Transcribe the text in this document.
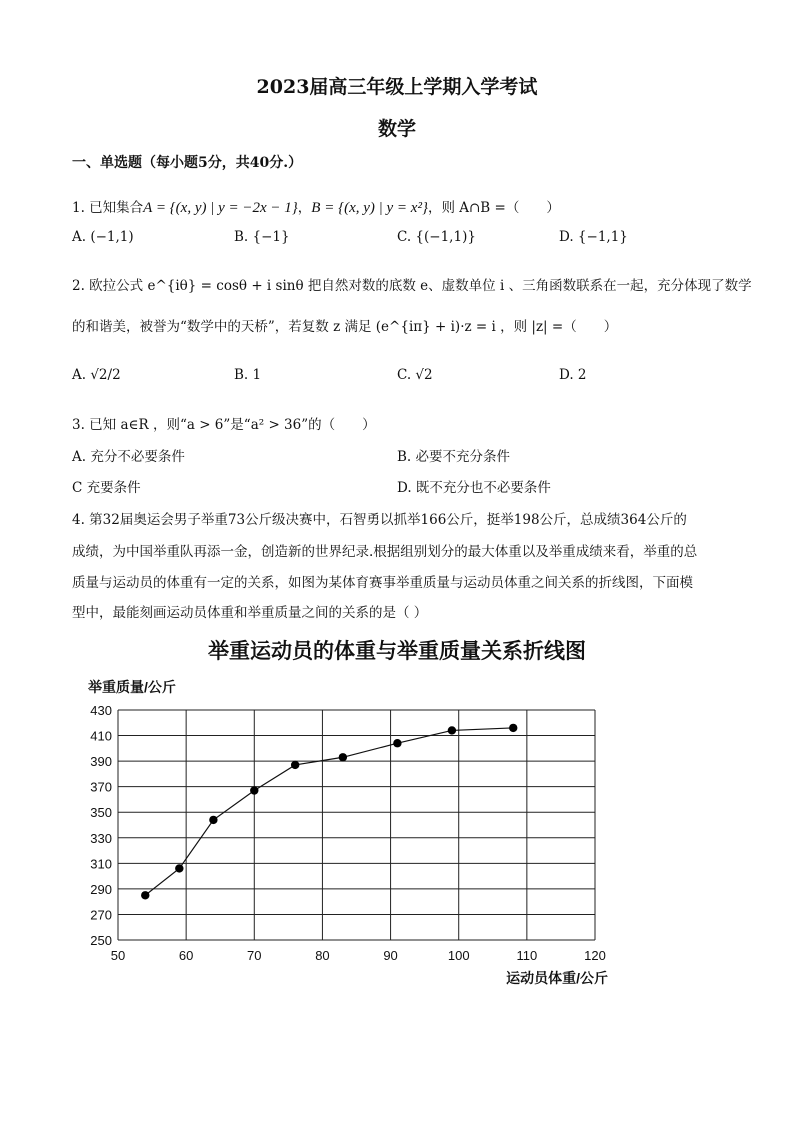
2023届高三年级上学期入学考试
数学
一、单选题（每小题5分，共40分.）
1. 已知集合A = {(x, y) | y = −2x − 1}，B = {(x, y) | y = x²}，则 A∩B =（　　）
A. (−1,1)	B. {−1}	C. {(−1,1)}	D. {−1,1}
2. 欧拉公式 e^{iθ} = cosθ + i sinθ 把自然对数的底数 e、虚数单位 i 、三角函数联系在一起，充分体现了数学
的和谐美，被誉为“数学中的天桥”，若复数 z 满足 (e^{iπ} + i)·z = i ，则 |z| =（　　）
A. √2/2	B. 1	C. √2	D. 2
3. 已知 a∈R ，则“a > 6”是“a² > 36”的（　　）
A. 充分不必要条件	B. 必要不充分条件
C 充要条件	D. 既不充分也不必要条件
4. 第32届奥运会男子举重73公斤级决赛中，石智勇以抓举166公斤，挺举198公斤，总成绩364公斤的
成绩，为中国举重队再添一金，创造新的世界纪录.根据组别划分的最大体重以及举重成绩来看，举重的总
质量与运动员的体重有一定的关系，如图为某体育赛事举重质量与运动员体重之间关系的折线图，下面模
型中，最能刻画运动员体重和举重质量之间的关系的是（ ）
举重运动员的体重与举重质量关系折线图
举重质量/公斤
运动员体重/公斤
50	60	70	80	90	100	110	120
430
410
390
370
350
330
310
290
270
250
